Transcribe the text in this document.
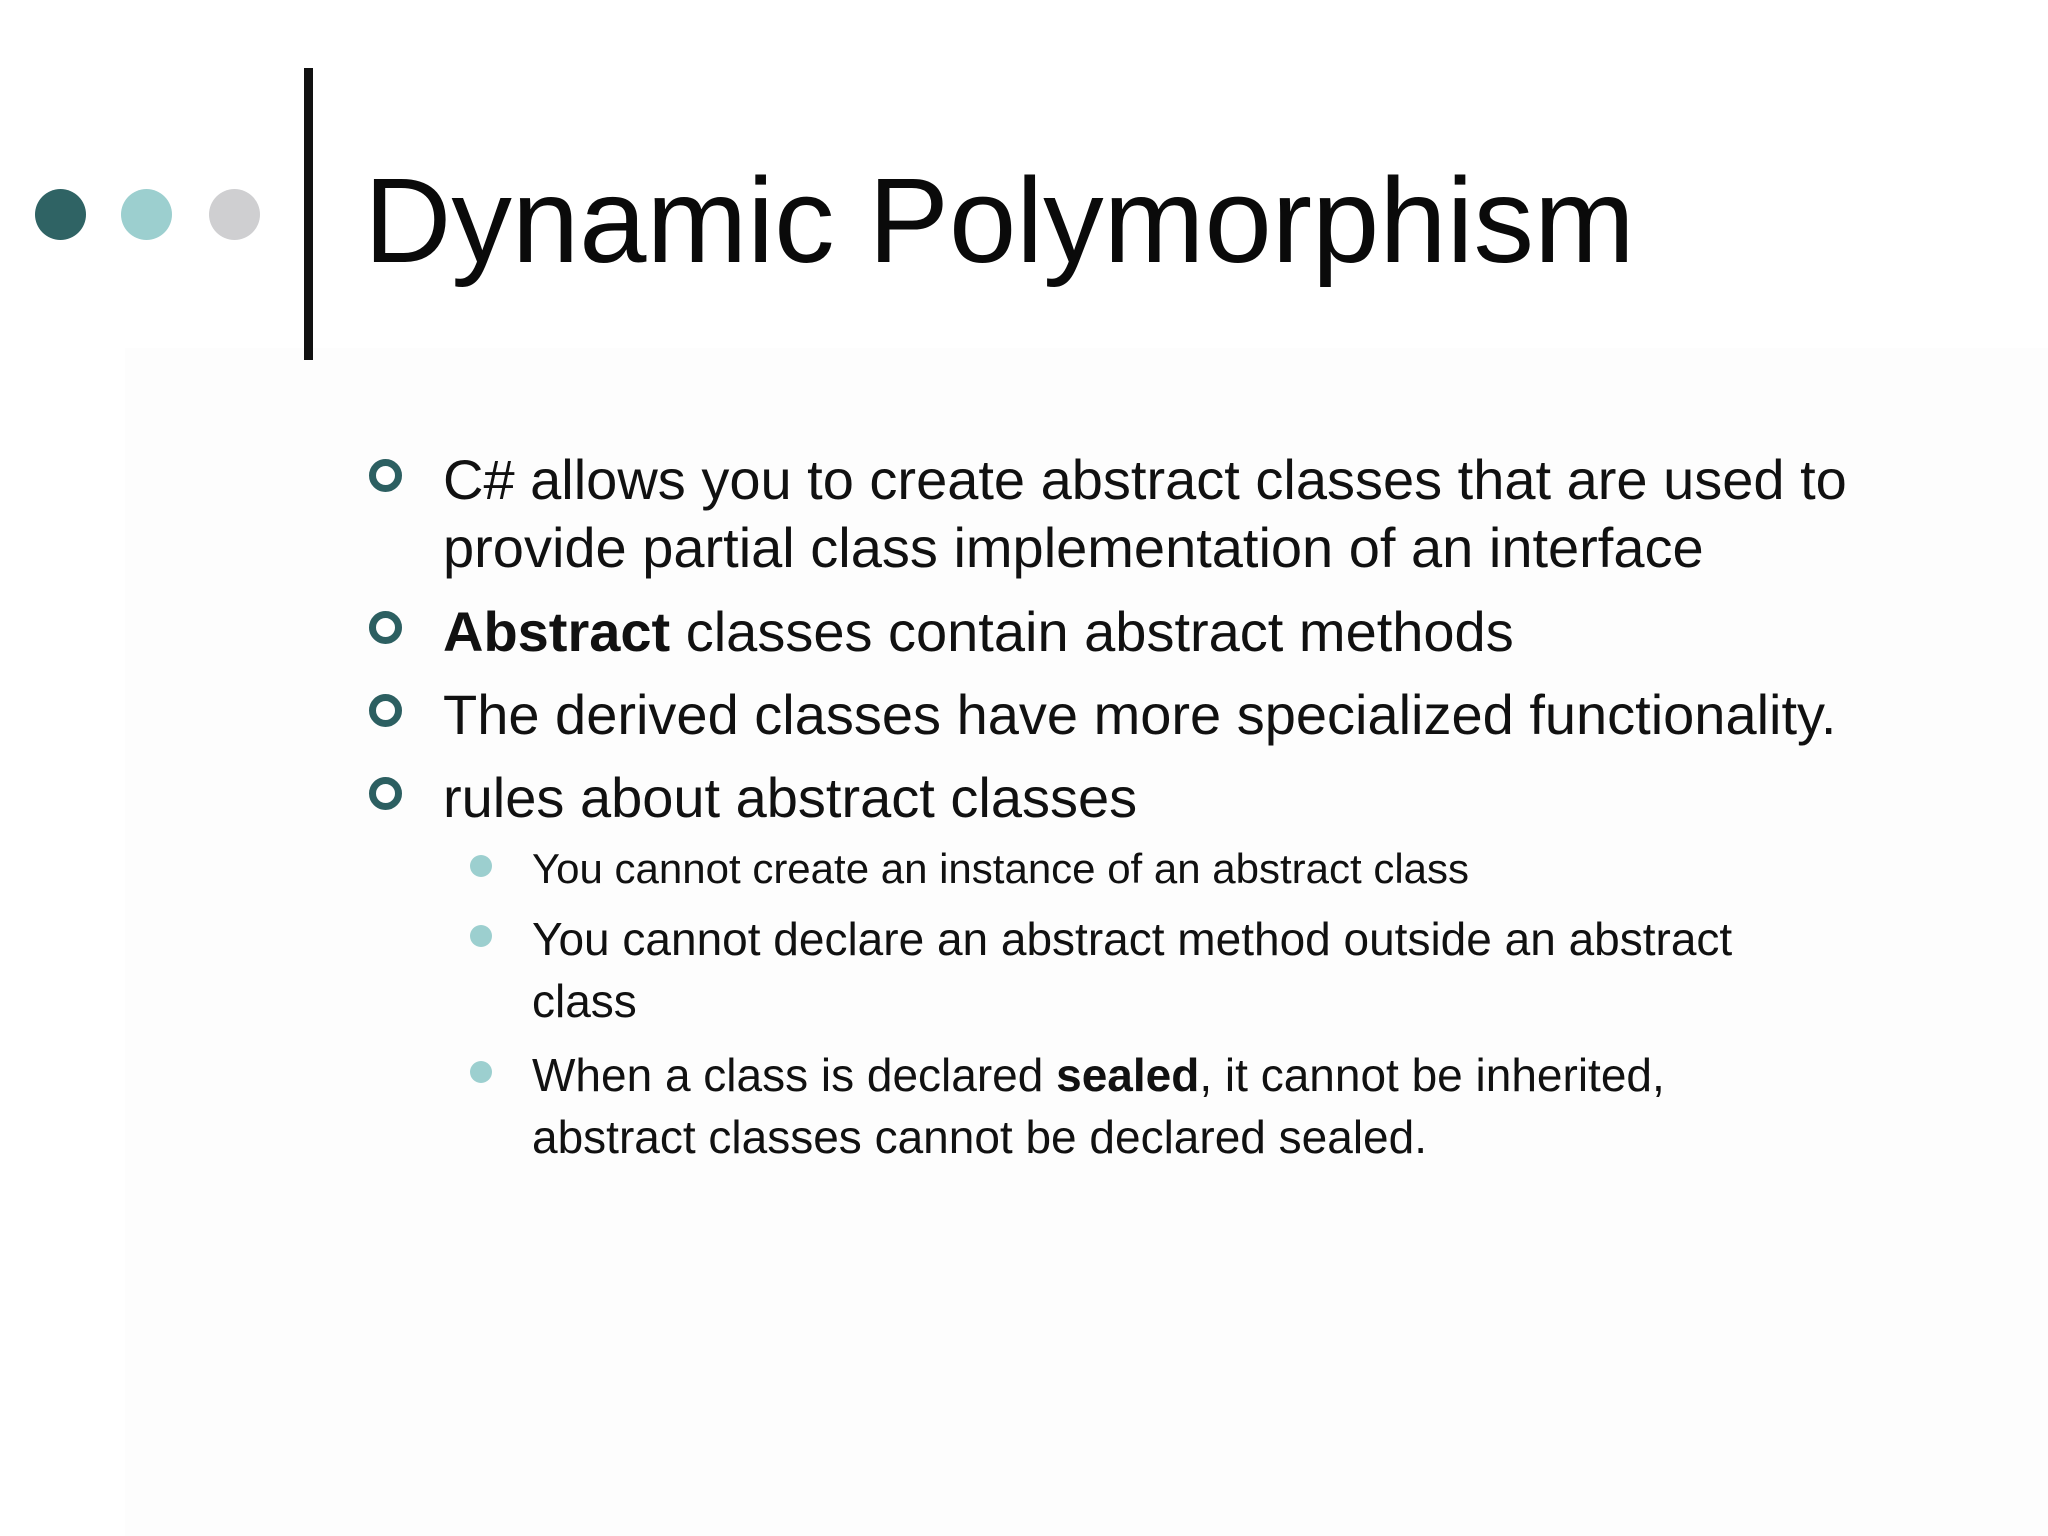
Dynamic Polymorphism
C# allows you to create abstract classes that are used to
provide partial class implementation of an interface
Abstract classes contain abstract methods
The derived classes have more specialized functionality.
rules about abstract classes
You cannot create an instance of an abstract class
You cannot declare an abstract method outside an abstract
class
When a class is declared sealed, it cannot be inherited,
abstract classes cannot be declared sealed.
